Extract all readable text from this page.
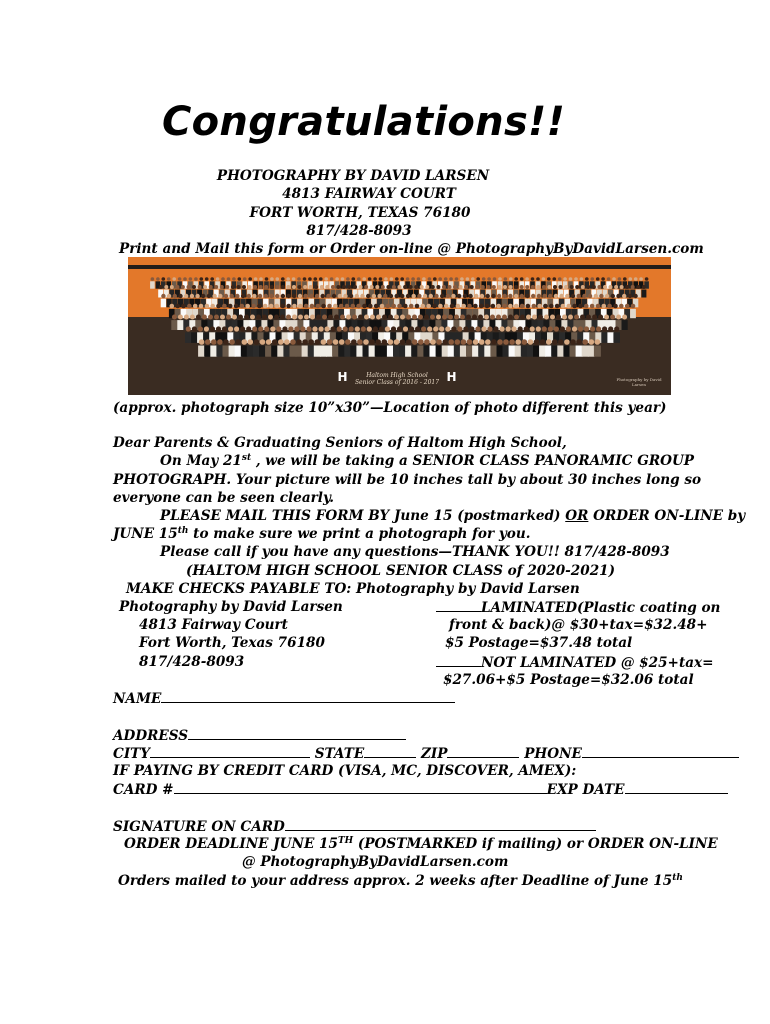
Congratulations!!
PHOTOGRAPHY BY DAVID LARSEN
4813 FAIRWAY COURT
FORT WORTH, TEXAS 76180
817/428-8093
Print and Mail this form or Order on-line @ PhotographyByDavidLarsen.com
H	H
Haltom High School
Senior Class of 2016 - 2017	Photography by David Larsen
(approx. photograph size 10”x30”—Location of photo different this year)
Dear Parents & Graduating Seniors of Haltom High School,
On May 21st , we will be taking a SENIOR CLASS PANORAMIC GROUP
PHOTOGRAPH. Your picture will be 10 inches tall by about 30 inches long so
everyone can be seen clearly.
PLEASE MAIL THIS FORM BY June 15 (postmarked) OR ORDER ON-LINE by
JUNE 15th to make sure we print a photograph for you.
Please call if you have any questions—THANK YOU!! 817/428-8093
(HALTOM HIGH SCHOOL SENIOR CLASS of 2020-2021)
MAKE CHECKS PAYABLE TO: Photography by David Larsen
Photography by David Larsen
4813 Fairway Court
Fort Worth, Texas 76180
817/428-8093
LAMINATED(Plastic coating on
front & back)@ $30+tax=$32.48+
$5 Postage=$37.48 total
NOT LAMINATED @ $25+tax=
$27.06+$5 Postage=$32.06 total
NAME
ADDRESS
CITY	STATE	ZIP	PHONE
IF PAYING BY CREDIT CARD (VISA, MC, DISCOVER, AMEX):
CARD #	EXP DATE
SIGNATURE ON CARD
ORDER DEADLINE JUNE 15TH (POSTMARKED if mailing) or ORDER ON-LINE
@ PhotographyByDavidLarsen.com
Orders mailed to your address approx. 2 weeks after Deadline of June 15th
